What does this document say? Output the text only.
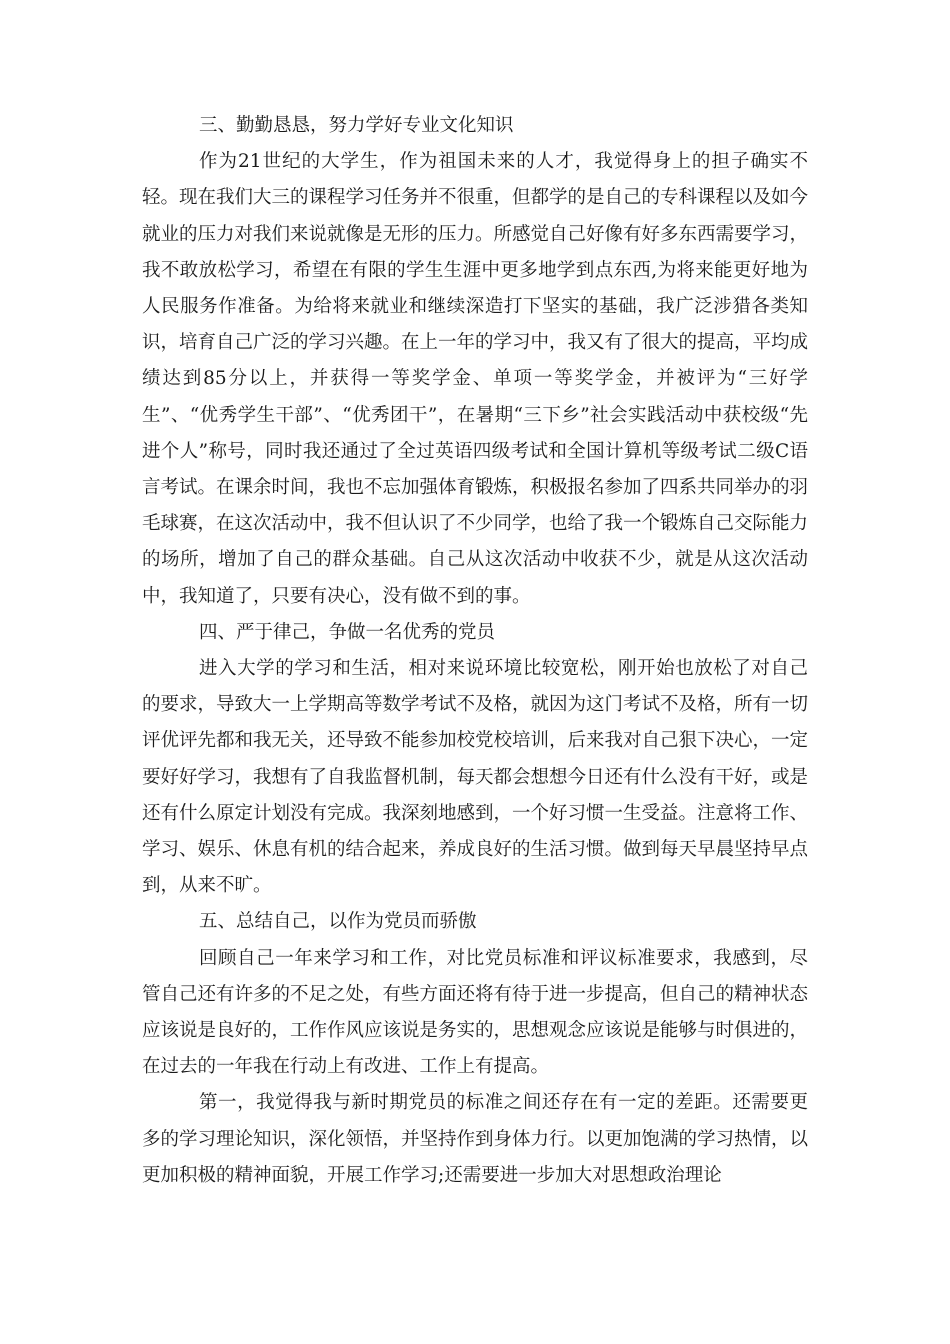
三、勤勤恳恳，努力学好专业文化知识

作为21世纪的大学生，作为祖国未来的人才，我觉得身上的担子确实不轻。现在我们大三的课程学习任务并不很重，但都学的是自己的专科课程以及如今就业的压力对我们来说就像是无形的压力。所感觉自己好像有好多东西需要学习，我不敢放松学习，希望在有限的学生生涯中更多地学到点东西,为将来能更好地为人民服务作准备。为给将来就业和继续深造打下坚实的基础，我广泛涉猎各类知识，培育自己广泛的学习兴趣。在上一年的学习中，我又有了很大的提高，平均成绩达到85分以上，并获得一等奖学金、单项一等奖学金，并被评为“三好学生”、“优秀学生干部”、“优秀团干”，在暑期“三下乡”社会实践活动中获校级“先进个人”称号，同时我还通过了全过英语四级考试和全国计算机等级考试二级C语言考试。在课余时间，我也不忘加强体育锻炼，积极报名参加了四系共同举办的羽毛球赛，在这次活动中，我不但认识了不少同学，也给了我一个锻炼自己交际能力的场所，增加了自己的群众基础。自己从这次活动中收获不少，就是从这次活动中，我知道了，只要有决心，没有做不到的事。

四、严于律己，争做一名优秀的党员

进入大学的学习和生活，相对来说环境比较宽松，刚开始也放松了对自己的要求，导致大一上学期高等数学考试不及格，就因为这门考试不及格，所有一切评优评先都和我无关，还导致不能参加校党校培训，后来我对自己狠下决心，一定要好好学习，我想有了自我监督机制，每天都会想想今日还有什么没有干好，或是还有什么原定计划没有完成。我深刻地感到，一个好习惯一生受益。注意将工作、学习、娱乐、休息有机的结合起来，养成良好的生活习惯。做到每天早晨坚持早点到，从来不旷。

五、总结自己，以作为党员而骄傲

回顾自己一年来学习和工作，对比党员标准和评议标准要求，我感到，尽管自己还有许多的不足之处，有些方面还将有待于进一步提高，但自己的精神状态应该说是良好的，工作作风应该说是务实的，思想观念应该说是能够与时俱进的，在过去的一年我在行动上有改进、工作上有提高。

第一，我觉得我与新时期党员的标准之间还存在有一定的差距。还需要更多的学习理论知识，深化领悟，并坚持作到身体力行。以更加饱满的学习热情，以更加积极的精神面貌，开展工作学习;还需要进一步加大对思想政治理论
